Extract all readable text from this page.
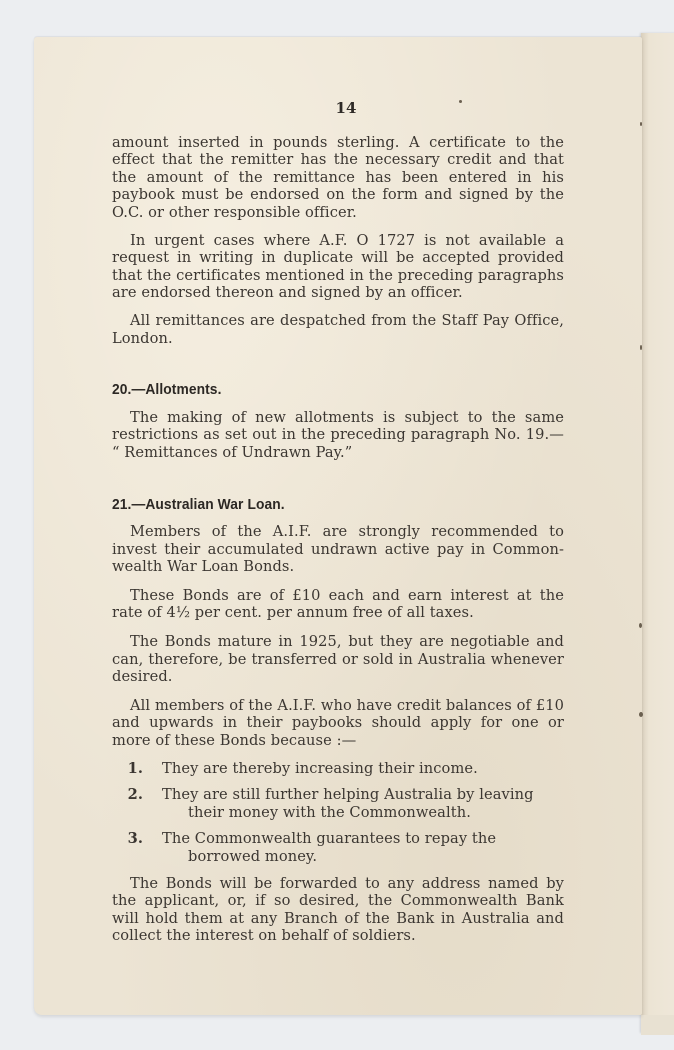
14

amount inserted in pounds sterling. A certificate to the effect that the remitter has the necessary credit and that the amount of the remittance has been entered in his paybook must be endorsed on the form and signed by the O.C. or other responsible officer.

In urgent cases where A.F. O 1727 is not available a request in writing in duplicate will be accepted provided that the certificates mentioned in the preceding paragraphs are endorsed thereon and signed by an officer.

All remittances are despatched from the Staff Pay Office, London.

20.—Allotments.

The making of new allotments is subject to the same restrictions as set out in the preceding paragraph No. 19.— “ Remittances of Undrawn Pay.”

21.—Australian War Loan.

Members of the A.I.F. are strongly recommended to invest their accumulated undrawn active pay in Common-wealth War Loan Bonds.

These Bonds are of £10 each and earn interest at the rate of 4½ per cent. per annum free of all taxes.

The Bonds mature in 1925, but they are negotiable and can, therefore, be transferred or sold in Australia whenever desired.

All members of the A.I.F. who have credit balances of £10 and upwards in their paybooks should apply for one or more of these Bonds because :—

1.	They are thereby increasing their income.
2.	They are still further helping Australia by leaving
their money with the Commonwealth.
3.	The Commonwealth guarantees to repay the
borrowed money.

The Bonds will be forwarded to any address named by the applicant, or, if so desired, the Commonwealth Bank will hold them at any Branch of the Bank in Australia and collect the interest on behalf of soldiers.
